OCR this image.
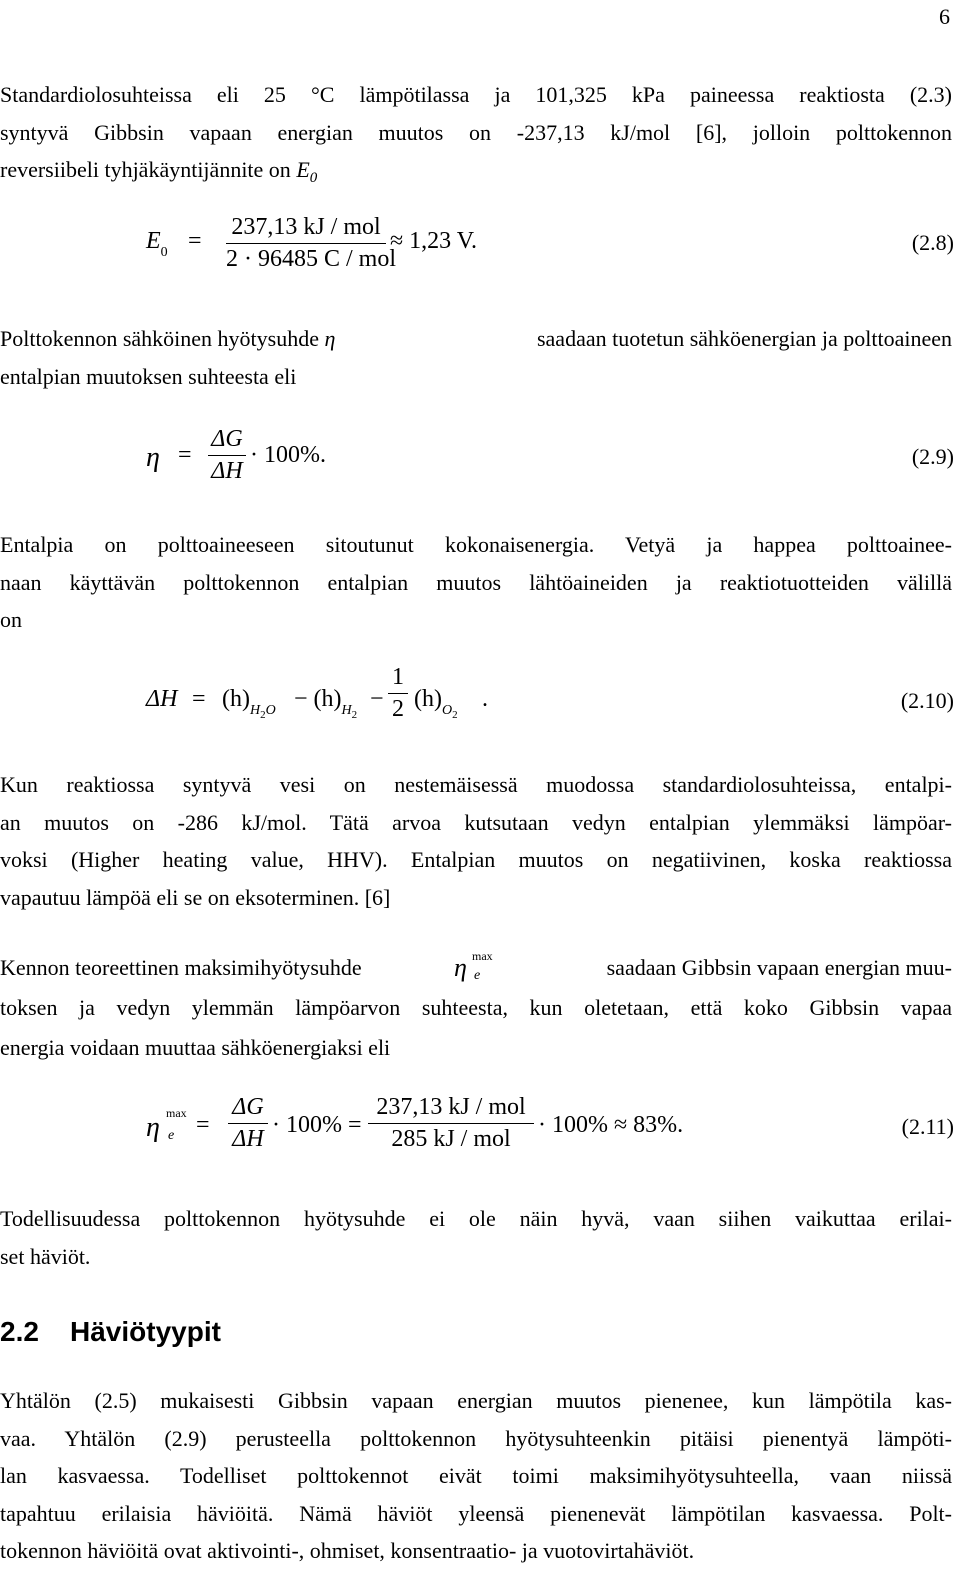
6
Standardiolosuhteissa eli 25 °C lämpötilassa ja 101,325 kPa paineessa reaktiosta (2.3)
syntyvä Gibbsin vapaan energian muutos on -237,13 kJ/mol [6], jolloin polttokennon
reversiibeli tyhjäkäyntijännite on $E_0$
$E_0$ =
237,13 kJ / mol
2 · 96485 C / mol
≈ 1,23 V.	(2.8)
Polttokennon sähköinen hyötysuhde η	saadaan tuotetun sähköenergian ja polttoaineen
entalpian muutoksen suhteesta eli
η =
ΔG
ΔH
· 100%.	(2.9)
Entalpia on polttoaineeseen sitoutunut kokonaisenergia. Vetyä ja happea polttoainee-
naan käyttävän polttokennon entalpian muutos lähtöaineiden ja reaktiotuotteiden välillä
on
$\Delta H = (h)_{H2O} - (h)_{H2}$
−
1
2 $(h)_{O2}$
.	(2.10)
Kun reaktiossa syntyvä vesi on nestemäisessä muodossa standardiolosuhteissa, entalpi-
an muutos on -286 kJ/mol. Tätä arvoa kutsutaan vedyn entalpian ylemmäksi lämpöar-
voksi (Higher heating value, HHV). Entalpian muutos on negatiivinen, koska reaktiossa
vapautuu lämpöä eli se on eksoterminen. [6]
Kennon teoreettinen maksimihyötysuhde	η max
e	saadaan Gibbsin vapaan energian muu-
toksen ja vedyn ylemmän lämpöarvon suhteesta, kun oletetaan, että koko Gibbsin vapaa
energia voidaan muuttaa sähköenergiaksi eli
η max
e =
ΔG
ΔH
· 100% =
237,13 kJ / mol
285 kJ / mol
· 100% ≈ 83%.	(2.11)
Todellisuudessa polttokennon hyötysuhde ei ole näin hyvä, vaan siihen vaikuttaa erilai-
set häviöt.
2.2 Häviötyypit
Yhtälön (2.5) mukaisesti Gibbsin vapaan energian muutos pienenee, kun lämpötila kas-
vaa. Yhtälön (2.9) perusteella polttokennon hyötysuhteenkin pitäisi pienentyä lämpöti-
lan kasvaessa. Todelliset polttokennot eivät toimi maksimihyötysuhteella, vaan niissä
tapahtuu erilaisia häviöitä. Nämä häviöt yleensä pienenevät lämpötilan kasvaessa. Polt-
tokennon häviöitä ovat aktivointi-, ohmiset, konsentraatio- ja vuotovirtahäviöt.
